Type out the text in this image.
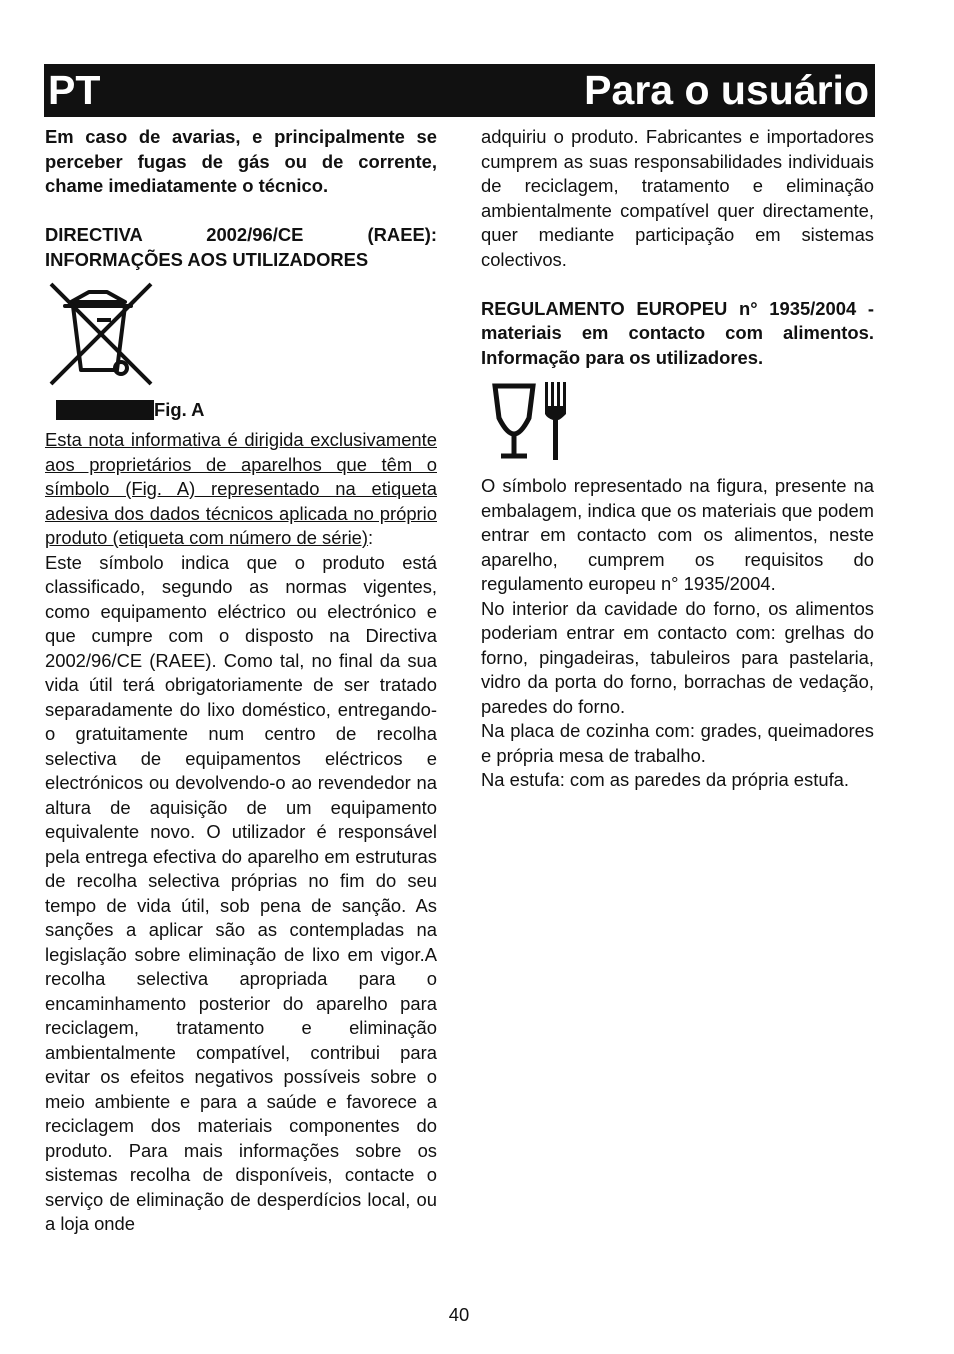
PT	Para o usuário

Em caso de avarias, e principalmente se perceber fugas de gás ou de corrente, chame imediatamente o técnico.

DIRECTIVA 2002/96/CE (RAEE): INFORMAÇÕES AOS UTILIZADORES

Fig. A

Esta nota informativa é dirigida exclusivamente aos proprietários de aparelhos que têm o símbolo (Fig. A) representado na etiqueta adesiva dos dados técnicos aplicada no próprio produto (etiqueta com número de série):

Este símbolo indica que o produto está classificado, segundo as normas vigentes, como equipamento eléctrico ou electrónico e que cumpre com o disposto na Directiva 2002/96/CE (RAEE). Como tal, no final da sua vida útil terá obrigatoriamente de ser tratado separadamente do lixo doméstico, entregando-o gratuitamente num centro de recolha selectiva de equipamentos eléctricos e electrónicos ou devolvendo-o ao revendedor na altura de aquisição de um equipamento equivalente novo. O utilizador é responsável pela entrega efectiva do aparelho em estruturas de recolha selectiva próprias no fim do seu tempo de vida útil, sob pena de sanção. As sanções a aplicar são as contempladas na legislação sobre eliminação de lixo em vigor.A recolha selectiva apropriada para o encaminhamento posterior do aparelho para reciclagem, tratamento e eliminação ambientalmente compatível, contribui para evitar os efeitos negativos possíveis sobre o meio ambiente e para a saúde e favorece a reciclagem dos materiais componentes do produto. Para mais informações sobre os sistemas recolha de disponíveis, contacte o serviço de eliminação de desperdícios local, ou a loja onde

adquiriu o produto. Fabricantes e importadores cumprem as suas responsabilidades individuais de reciclagem, tratamento e eliminação ambientalmente compatível quer directamente, quer mediante participação em sistemas colectivos.

REGULAMENTO EUROPEU n° 1935/2004 - materiais em contacto com alimentos. Informação para os utilizadores.

O símbolo representado na figura, presente na embalagem, indica que os materiais que podem entrar em contacto com os alimentos, neste aparelho, cumprem os requisitos do regulamento europeu n° 1935/2004.

No interior da cavidade do forno, os alimentos poderiam entrar em contacto com: grelhas do forno, pingadeiras, tabuleiros para pastelaria, vidro da porta do forno, borrachas de vedação, paredes do forno.

Na placa de cozinha com: grades, queimadores e própria mesa de trabalho.

Na estufa: com as paredes da própria estufa.

40
